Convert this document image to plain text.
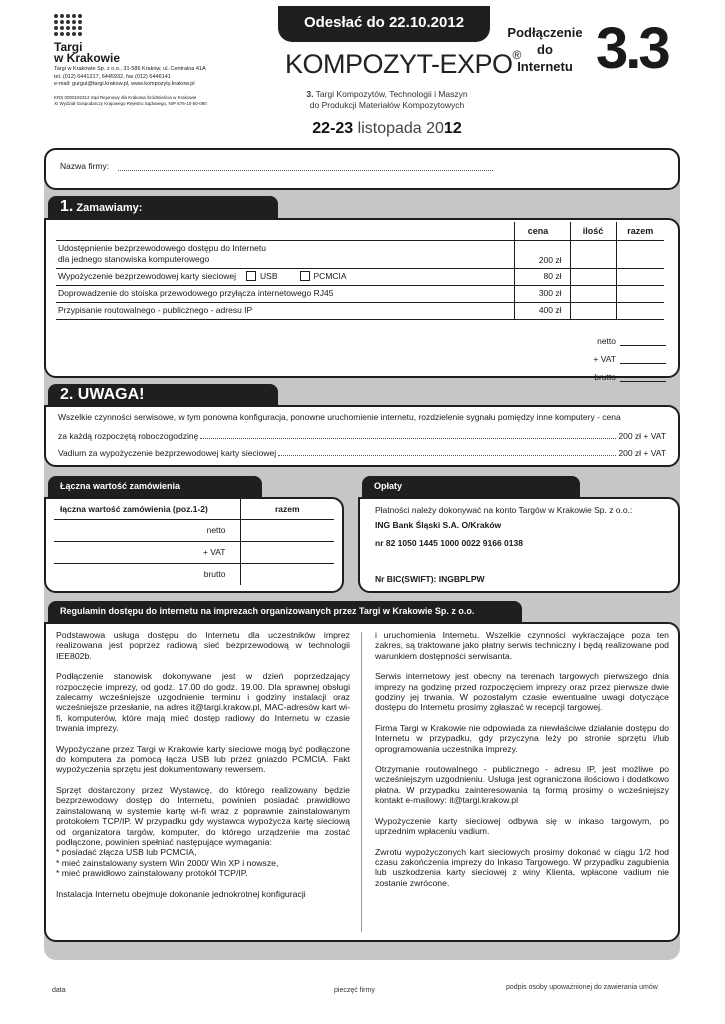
Targi
w Krakowie
Targi w Krakowie Sp. z o.o., 31-586 Kraków, ul. Centralna 41A
tel. (012) 6441217, 6445932, fax (012) 6446141
e-mail: gurgul@targi.krakow.pl, www.kompozyty.krakow.pl
KRS 0000192313 Sąd Rejonowy dla Krakowa Śródmieścia w Krakowie
XI Wydział Gospodarczy Krajowego Rejestru Sądowego, NIP 676-10-50-090
Odesłać do 22.10.2012
KOMPOZYT-EXPO®
3. Targi Kompozytów, Technologii i Maszyn
do Produkcji Materiałów Kompozytowych
22-23 listopada 2012
Podłączenie
do
Internetu 3.3
Nazwa firmy:
1. Zamawiamy:
	cena	ilość	razem

Udostępnienie bezprzewodowego dostępu do Internetu
dla jednego stanowiska komputerowego	200 zł		
Wypożyczenie bezprzewodowej karty sieciowej USB PCMCIA	80 zł		
Doprowadzenie do stoiska przewodowego przyłącza internetowego RJ45	300 zł		
Przypisanie routowalnego - publicznego - adresu IP	400 zł		
netto
+ VAT
brutto
2. UWAGA!
Wszelkie czynności serwisowe, w tym ponowna konfiguracja, ponowne uruchomienie internetu, rozdzielenie sygnału pomiędzy inne komputery - cena
za każdą rozpoczętą roboczogodzinę	200 zł + VAT
Vadium za wypożyczenie bezprzewodowej karty sieciowej	200 zł + VAT
Łączna wartość zamówienia
łączna wartość zamówienia (poz.1-2)	razem
netto	
+ VAT	
brutto	
Opłaty
Płatności należy dokonywać na konto Targów w Krakowie Sp. z o.o.:
ING Bank Śląski S.A. O/Kraków
nr 82 1050 1445 1000 0022 9166 0138
Nr BIC(SWIFT): INGBPLPW
Regulamin dostępu do internetu na imprezach organizowanych przez Targi w Krakowie Sp. z o.o.

Podstawowa usługa dostępu do Internetu dla uczestników imprez realizowana jest poprzez radiową sieć bezprzewodową w technologii IEE802b.

Podłączenie stanowisk dokonywane jest w dzień poprzedzający rozpoczęcie imprezy, od godz. 17.00 do godz. 19.00. Dla sprawnej obsługi zalecamy wcześniejsze uzgodnienie terminu i godziny instalacji oraz wcześniejsze przesłanie, na adres it@targi.krakow.pl, MAC-adresów kart wi-fi, komputerów, które mają mieć dostęp radiowy do Internetu w czasie trwania imprezy.

Wypożyczane przez Targi w Krakowie karty sieciowe mogą być podłączone do komputera za pomocą łącza USB lub przez gniazdo PCMCIA. Fakt wypożyczenia sprzętu jest dokumentowany rewersem.

Sprzęt dostarczony przez Wystawcę, do którego realizowany będzie bezprzewodowy dostęp do Internetu, powinien posiadać prawidłowo zainstalowaną w systemie kartę wi-fi wraz z poprawnie zainstalowanym protokołem TCP/IP. W przypadku gdy wystawca wypożycza kartę sieciową od organizatora targów, komputer, do którego urządzenie ma zostać podłączone, powinien spełniać następujące wymagania:
* posiadać złącza USB lub PCMCIA,
* mieć zainstalowany system Win 2000/ Win XP i nowsze,
* mieć prawidłowo zainstalowany protokół TCP/IP.

Instalacja Internetu obejmuje dokonanie jednokrotnej konfiguracji

i uruchomienia Internetu. Wszelkie czynności wykraczające poza ten zakres, są traktowane jako płatny serwis techniczny i będą realizowane pod warunkiem dostępności serwisanta.

Serwis internetowy jest obecny na terenach targowych pierwszego dnia imprezy na godzinę przed rozpoczęciem imprezy oraz przez pierwsze dwie godziny jej trwania. W pozostałym czasie ewentualne uwagi dotyczące dostępu do Internetu prosimy zgłaszać w recepcji targowej.

Firma Targi w Krakowie nie odpowiada za niewłaściwe działanie dostępu do Internetu w przypadku, gdy przyczyna leży po stronie sprzętu i/lub oprogramowania uczestnika imprezy.

Otrzymanie routowalnego - publicznego - adresu IP, jest możliwe po wcześniejszym uzgodnieniu. Usługa jest ograniczona ilościowo i dodatkowo płatna. W przypadku zainteresowania tą formą prosimy o wcześniejszy kontakt e-mailowy: it@targi.krakow.pl

Wypożyczenie karty sieciowej odbywa się w inkaso targowym, po uprzednim wpłaceniu vadium.

Zwrotu wypożyczonych kart sieciowych prosimy dokonać w ciągu 1/2 hod czasu zakończenia imprezy do Inkaso Targowego. W przypadku zagubienia lub uszkodzenia karty sieciowej z winy Klienta, wpłacone vadium nie zostanie zwrócone.

data	pieczęć firmy	podpis osoby upoważnionej do zawierania umów
